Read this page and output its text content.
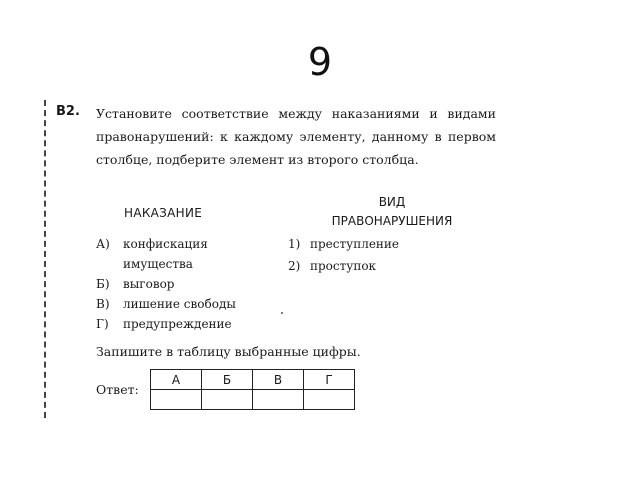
9
В2. Установите соответствие между наказаниями и видами правонарушений: к каждому элементу, данному в первом столбце, подберите элемент из второго столбца.
НАКАЗАНИЕ
ВИД
ПРАВОНАРУШЕНИЯ
А) конфискация
имущества
Б) выговор
В) лишение свободы
Г) предупреждение
1) преступление
2) проступок
Запишите в таблицу выбранные цифры.
Ответ:
А	Б	В	Г
